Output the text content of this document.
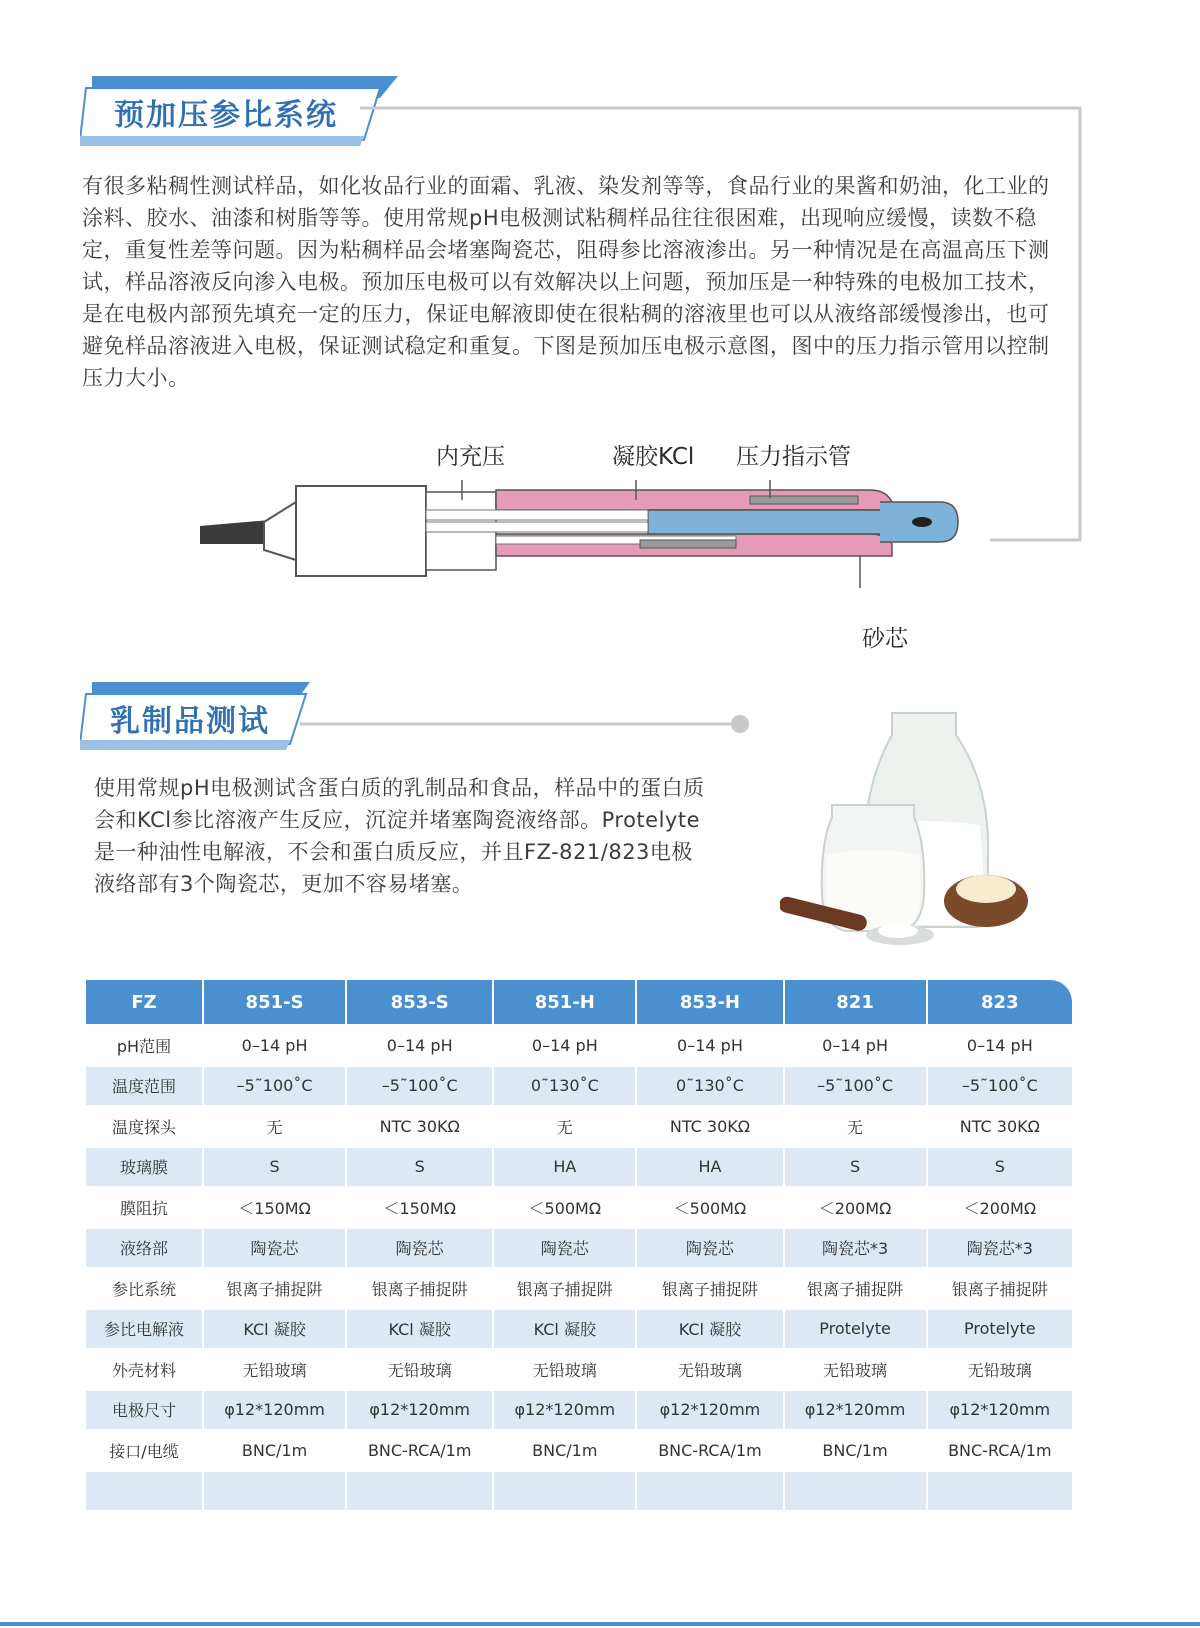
预加压参比系统
有很多粘稠性测试样品，如化妆品行业的面霜、乳液、染发剂等等，食品行业的果酱和奶油，化工业的涂料、胶水、油漆和树脂等等。使用常规pH电极测试粘稠样品往往很困难，出现响应缓慢，读数不稳定，重复性差等问题。因为粘稠样品会堵塞陶瓷芯，阻碍参比溶液渗出。另一种情况是在高温高压下测试，样品溶液反向渗入电极。预加压电极可以有效解决以上问题，预加压是一种特殊的电极加工技术，是在电极内部预先填充一定的压力，保证电解液即使在很粘稠的溶液里也可以从液络部缓慢渗出，也可避免样品溶液进入电极，保证测试稳定和重复。下图是预加压电极示意图，图中的压力指示管用以控制压力大小。
内充压	凝胶KCl 压力指示管
砂芯
乳制品测试
使用常规pH电极测试含蛋白质的乳制品和食品，样品中的蛋白质会和KCl参比溶液产生反应，沉淀并堵塞陶瓷液络部。Protelyte是一种油性电解液，不会和蛋白质反应，并且FZ-821/823电极液络部有3个陶瓷芯，更加不容易堵塞。
FZ	851-S	853-S	851-H	853-H	821	823
pH范围	0–14 pH	0–14 pH	0–14 pH	0–14 pH	0–14 pH	0–14 pH
温度范围	–5˜100˚C	–5˜100˚C	0˜130˚C	0˜130˚C	–5˜100˚C	–5˜100˚C
温度探头	无	NTC 30KΩ	无	NTC 30KΩ	无	NTC 30KΩ
玻璃膜	S	S	HA	HA	S	S
膜阻抗	＜150MΩ	＜150MΩ	＜500MΩ	＜500MΩ	＜200MΩ	＜200MΩ
液络部	陶瓷芯	陶瓷芯	陶瓷芯	陶瓷芯	陶瓷芯*3	陶瓷芯*3
参比系统	银离子捕捉阱	银离子捕捉阱	银离子捕捉阱	银离子捕捉阱	银离子捕捉阱	银离子捕捉阱
参比电解液	KCl 凝胶	KCl 凝胶	KCl 凝胶	KCl 凝胶	Protelyte	Protelyte
外壳材料	无铅玻璃	无铅玻璃	无铅玻璃	无铅玻璃	无铅玻璃	无铅玻璃
电极尺寸	φ12*120mm	φ12*120mm	φ12*120mm	φ12*120mm	φ12*120mm	φ12*120mm
接口/电缆	BNC/1m	BNC-RCA/1m	BNC/1m	BNC-RCA/1m	BNC/1m	BNC-RCA/1m
